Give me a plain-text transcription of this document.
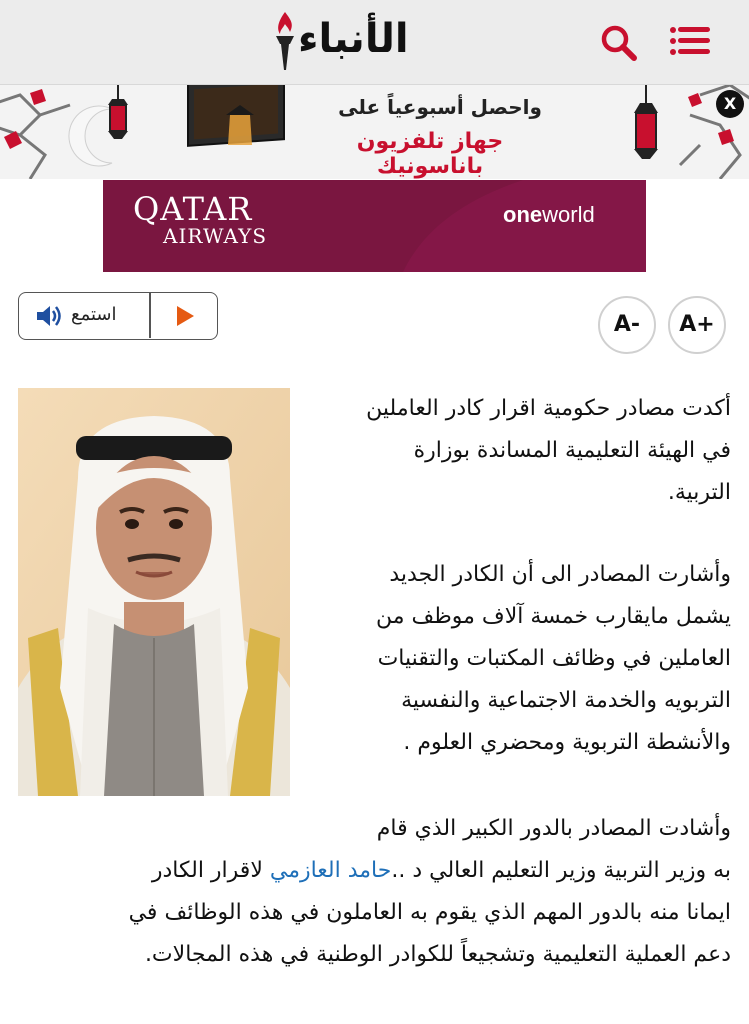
الأنباء
واحصل أسبوعياً على
جهاز تلفزيون باناسونيك
X
QATAR
AIRWAYS
oneworld
استمع	A-	A+
أكدت مصادر حكومية اقرار كادر العاملين
في الهيئة التعليمية المساندة بوزارة
التربية.
وأشارت المصادر الى أن الكادر الجديد
يشمل مايقارب خمسة آلاف موظف من
العاملين في وظائف المكتبات والتقنيات
التربويه والخدمة الاجتماعية والنفسية
والأنشطة التربوية ومحضري العلوم .
وأشادت المصادر بالدور الكبير الذي قام
به وزير التربية وزير التعليم العالي د ..حامد العازمي لاقرار الكادر
ايمانا منه بالدور المهم الذي يقوم به العاملون في هذه الوظائف في
دعم العملية التعليمية وتشجيعاً للكوادر الوطنية في هذه المجالات.
